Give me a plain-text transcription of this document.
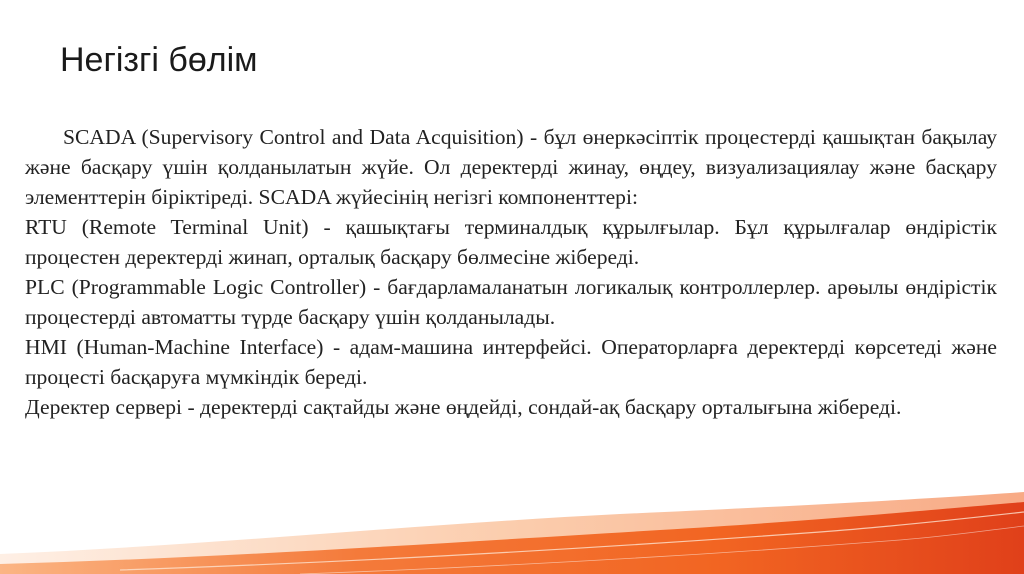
Негізгі бөлім

SCADA (Supervisory Control and Data Acquisition) - бұл өнеркәсіптік процестерді қашықтан бақылау және басқару үшін қолданылатын жүйе. Ол деректерді жинау, өңдеу, визуализациялау және басқару элементтерін біріктіреді. SCADA жүйесінің негізгі компоненттері:

RTU (Remote Terminal Unit) - қашықтағы терминалдық құрылғылар. Бұл құрылғалар өндірістік процестен деректерді жинап, орталық басқару бөлмесіне жібереді.

PLC (Programmable Logic Controller) - бағдарламаланатын логикалық контроллерлер. арөылы өндірістік процестерді автоматты түрде басқару үшін қолданылады.

HMI (Human-Machine Interface) - адам-машина интерфейсі. Операторларға деректерді көрсетеді және процесті басқаруға мүмкіндік береді.

Деректер сервері - деректерді сақтайды және өңдейді, сондай-ақ басқару орталығына жібереді.
